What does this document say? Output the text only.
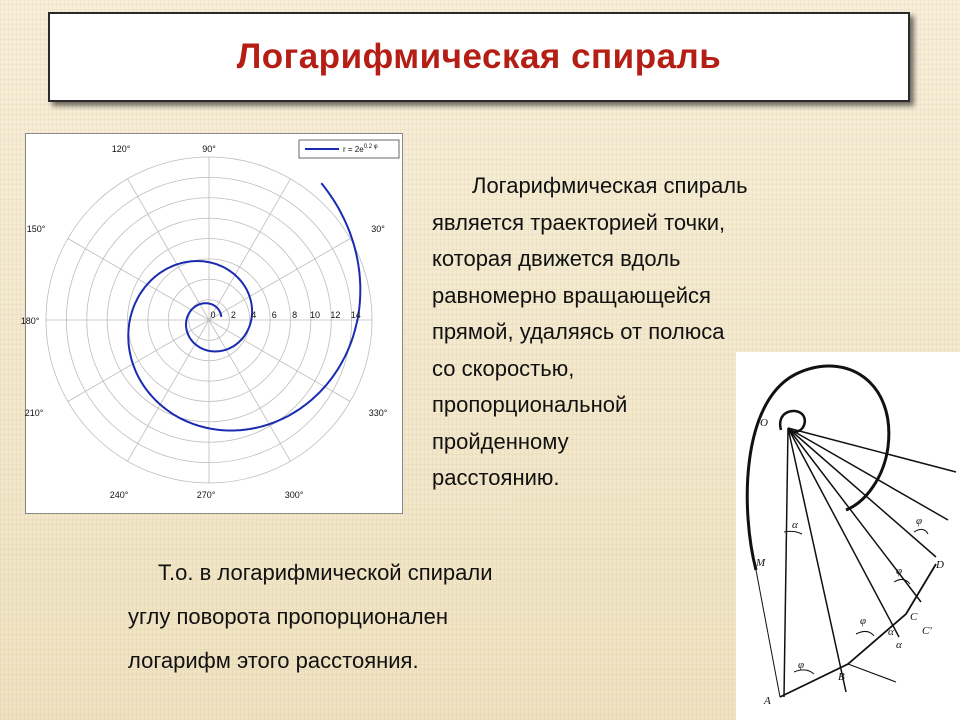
Логарифмическая спираль
90°
120°
150°
180°
210°
240°	270°	300°
330°
30°
0 2 4 6 8 10 12 14
$r = 2e^{0.2 \varphi}$
Логарифмическая спираль
является траекторией точки,
которая движется вдоль
равномерно вращающейся
прямой, удаляясь от полюса
со скоростью,
пропорциональной
пройденному
расстоянию.
Т.о. в логарифмической спирали
углу поворота пропорционален
логарифм этого расстояния.
O
M
A
B
C
C'
D
α
α
α
φ
φ
φ
φ
